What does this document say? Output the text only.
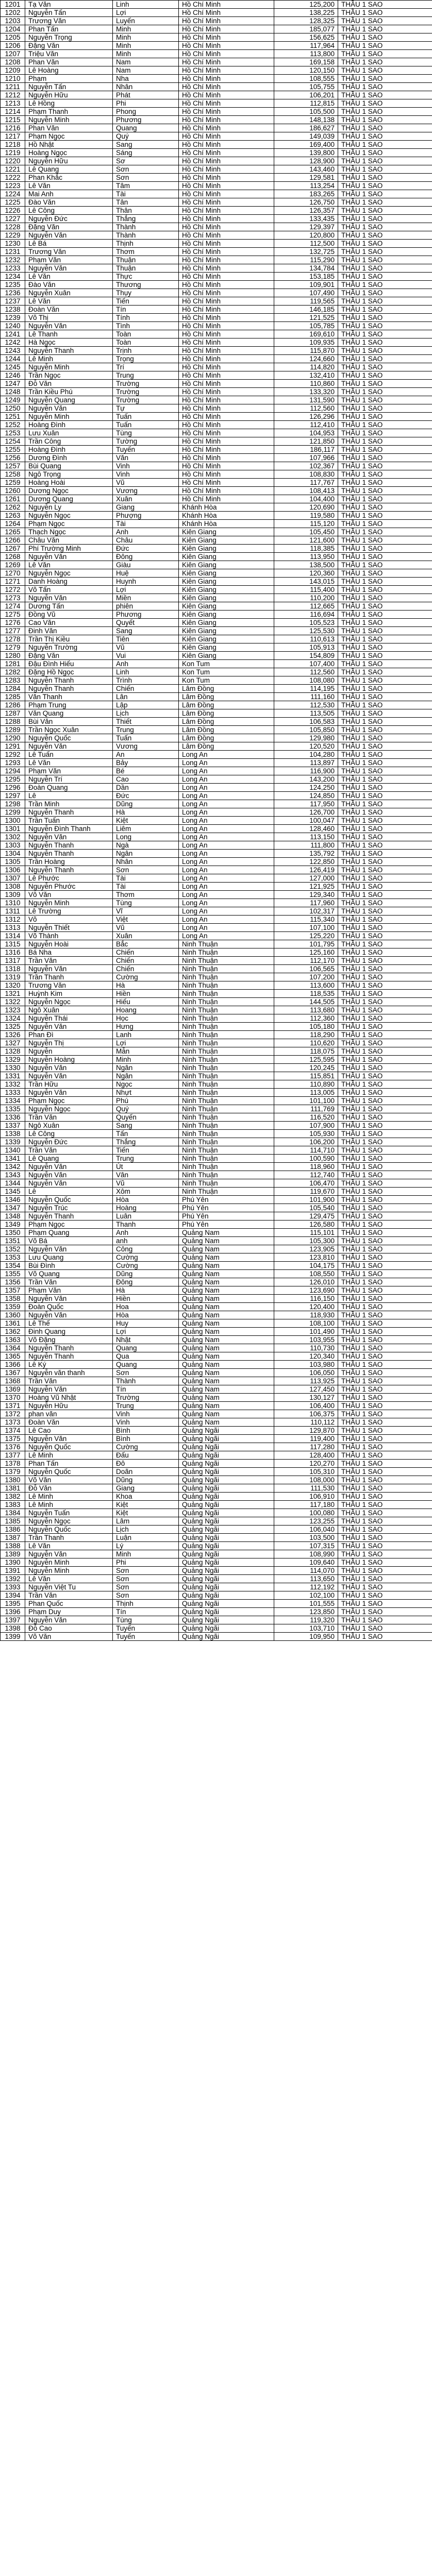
1201	Tạ Văn	Linh	Hồ Chí Minh	125,200	THẦU 1 SAO
1202	Nguyễn Tấn	Lợi	Hồ Chí Minh	138,225	THẦU 1 SAO
1203	Trương Văn	Luyến	Hồ Chí Minh	128,325	THẦU 1 SAO
1204	Phan Tấn	Minh	Hồ Chí Minh	185,077	THẦU 1 SAO
1205	Nguyễn Trọng	Minh	Hồ Chí Minh	156,625	THẦU 1 SAO
1206	Đặng Văn	Minh	Hồ Chí Minh	117,964	THẦU 1 SAO
1207	Triệu Văn	Minh	Hồ Chí Minh	113,800	THẦU 1 SAO
1208	Phan Văn	Nam	Hồ Chí Minh	169,158	THẦU 1 SAO
1209	Lê Hoàng	Nam	Hồ Chí Minh	120,150	THẦU 1 SAO
1210	Phạm	Nha	Hồ Chí Minh	108,555	THẦU 1 SAO
1211	Nguyễn Tấn	Nhân	Hồ Chí Minh	105,755	THẦU 1 SAO
1212	Nguyễn Hữu	Phát	Hồ Chí Minh	106,201	THẦU 1 SAO
1213	Lê Hồng	Phi	Hồ Chí Minh	112,815	THẦU 1 SAO
1214	Phạm Thanh	Phong	Hồ Chí Minh	105,500	THẦU 1 SAO
1215	Nguyễn Minh	Phương	Hồ Chí Minh	148,138	THẦU 1 SAO
1216	Phan Văn	Quang	Hồ Chí Minh	186,627	THẦU 1 SAO
1217	Phạm Ngọc	Quý	Hồ Chí Minh	149,039	THẦU 1 SAO
1218	Hồ Nhật	Sang	Hồ Chí Minh	169,400	THẦU 1 SAO
1219	Hoàng Ngọc	Sáng	Hồ Chí Minh	139,800	THẦU 1 SAO
1220	Nguyễn Hữu	Sơ	Hồ Chí Minh	128,900	THẦU 1 SAO
1221	Lê Quang	Sơn	Hồ Chí Minh	143,460	THẦU 1 SAO
1222	Phan Khắc	Sơn	Hồ Chí Minh	129,581	THẦU 1 SAO
1223	Lê Văn	Tâm	Hồ Chí Minh	113,254	THẦU 1 SAO
1224	Mai Anh	Tài	Hồ Chí Minh	183,265	THẦU 1 SAO
1225	Đào Văn	Tân	Hồ Chí Minh	126,750	THẦU 1 SAO
1226	Lê Công	Thân	Hồ Chí Minh	126,357	THẦU 1 SAO
1227	Nguyễn Đức	Thắng	Hồ Chí Minh	133,435	THẦU 1 SAO
1228	Đặng Văn	Thành	Hồ Chí Minh	129,397	THẦU 1 SAO
1229	Nguyễn Văn	Thành	Hồ Chí Minh	120,800	THẦU 1 SAO
1230	Lê Bá	Thịnh	Hồ Chí Minh	112,500	THẦU 1 SAO
1231	Trương Văn	Thơm	Hồ Chí Minh	132,725	THẦU 1 SAO
1232	Phạm Văn	Thuận	Hồ Chí Minh	115,290	THẦU 1 SAO
1233	Nguyễn Văn	Thuận	Hồ Chí Minh	134,784	THẦU 1 SAO
1234	Lê Văn	Thực	Hồ Chí Minh	153,185	THẦU 1 SAO
1235	Đào Văn	Thương	Hồ Chí Minh	109,901	THẦU 1 SAO
1236	Nguyễn Xuân	Thụy	Hồ Chí Minh	107,490	THẦU 1 SAO
1237	Lê Văn	Tiến	Hồ Chí Minh	119,565	THẦU 1 SAO
1238	Đoàn Văn	Tín	Hồ Chí Minh	146,185	THẦU 1 SAO
1239	Võ Thị	Tính	Hồ Chí Minh	121,525	THẦU 1 SAO
1240	Nguyễn Văn	Tình	Hồ Chí Minh	105,785	THẦU 1 SAO
1241	Lê Thanh	Toàn	Hồ Chí Minh	169,610	THẦU 1 SAO
1242	Hà Ngọc	Toàn	Hồ Chí Minh	109,935	THẦU 1 SAO
1243	Nguyễn Thanh	Trịnh	Hồ Chí Minh	115,870	THẦU 1 SAO
1244	Lê Minh	Trọng	Hồ Chí Minh	124,660	THẦU 1 SAO
1245	Nguyễn Minh	Trí	Hồ Chí Minh	114,820	THẦU 1 SAO
1246	Trần Ngọc	Trung	Hồ Chí Minh	132,410	THẦU 1 SAO
1247	Đỗ Văn	Trường	Hồ Chí Minh	110,860	THẦU 1 SAO
1248	Trần Kiều Phú	Trường	Hồ Chí Minh	133,320	THẦU 1 SAO
1249	Nguyễn Quang	Trường	Hồ Chí Minh	131,590	THẦU 1 SAO
1250	Nguyễn Văn	Tự	Hồ Chí Minh	112,560	THẦU 1 SAO
1251	Nguyễn Minh	Tuấn	Hồ Chí Minh	126,296	THẦU 1 SAO
1252	Hoàng Đình	Tuấn	Hồ Chí Minh	112,410	THẦU 1 SAO
1253	Lưu Xuân	Tùng	Hồ Chí Minh	104,953	THẦU 1 SAO
1254	Trần Công	Tường	Hồ Chí Minh	121,850	THẦU 1 SAO
1255	Hoàng Đình	Tuyến	Hồ Chí Minh	186,117	THẦU 1 SAO
1256	Dương Đình	Văn	Hồ Chí Minh	107,966	THẦU 1 SAO
1257	Bùi Quang	Vinh	Hồ Chí Minh	102,367	THẦU 1 SAO
1258	Ngô Trọng	Vinh	Hồ Chí Minh	108,830	THẦU 1 SAO
1259	Hoàng Hoài	Vũ	Hồ Chí Minh	117,767	THẦU 1 SAO
1260	Dương Ngọc	Vương	Hồ Chí Minh	108,413	THẦU 1 SAO
1261	Dương Quang	Xuân	Hồ Chí Minh	104,400	THẦU 1 SAO
1262	Nguyễn Ly	Giang	Khánh Hòa	120,690	THẦU 1 SAO
1263	Nguyễn Ngọc	Phượng	Khánh Hòa	119,580	THẦU 1 SAO
1264	Phạm Ngọc	Tài	Khánh Hòa	115,120	THẦU 1 SAO
1265	Thạch Ngọc	Anh	Kiên Giang	105,450	THẦU 1 SAO
1266	Châu Văn	Châu	Kiên Giang	121,600	THẦU 1 SAO
1267	Phí Trường Minh	Đức	Kiên Giang	118,385	THẦU 1 SAO
1268	Nguyễn Văn	Đông	Kiên Giang	113,950	THẦU 1 SAO
1269	Lê Văn	Giàu	Kiên Giang	138,500	THẦU 1 SAO
1270	Nguyễn Ngọc	Huệ	Kiên Giang	120,360	THẦU 1 SAO
1271	Danh Hoàng	Huynh	Kiên Giang	143,015	THẦU 1 SAO
1272	Võ Tấn	Lợi	Kiên Giang	115,400	THẦU 1 SAO
1273	Nguyễn Văn	Miền	Kiên Giang	110,200	THẦU 1 SAO
1274	Dương Tấn	phiên	Kiên Giang	112,665	THẦU 1 SAO
1275	Đồng Vũ	Phương	Kiên Giang	116,694	THẦU 1 SAO
1276	Cao Văn	Quyết	Kiên Giang	105,523	THẦU 1 SAO
1277	Đinh Văn	Sang	Kiên Giang	125,530	THẦU 1 SAO
1278	Trần Thị Kiều	Tiên	Kiên Giang	110,613	THẦU 1 SAO
1279	Nguyễn Trường	Vũ	Kiên Giang	105,913	THẦU 1 SAO
1280	Đặng Văn	Vui	Kiên Giang	154,809	THẦU 1 SAO
1281	Đậu Đình Hiếu	Anh	Kon Tum	107,400	THẦU 1 SAO
1282	Đặng Hồ Ngọc	Linh	Kon Tum	112,560	THẦU 1 SAO
1283	Nguyễn Thanh	Trình	Kon Tum	108,080	THẦU 1 SAO
1284	Nguyễn Thanh	Chiến	Lâm Đồng	114,195	THẦU 1 SAO
1285	Văn Thanh	Lân	Lâm Đồng	111,160	THẦU 1 SAO
1286	Phạm Trung	Lập	Lâm Đồng	112,530	THẦU 1 SAO
1287	Văn Quang	Lịch	Lâm Đồng	113,505	THẦU 1 SAO
1288	Bùi Văn	Thiết	Lâm Đồng	106,583	THẦU 1 SAO
1289	Trần Ngọc Xuân	Trung	Lâm Đồng	105,850	THẦU 1 SAO
1290	Nguyễn Quốc	Tuấn	Lâm Đồng	129,980	THẦU 1 SAO
1291	Nguyễn Văn	Vương	Lâm Đồng	120,520	THẦU 1 SAO
1292	Lê Tuấn	An	Long An	104,280	THẦU 1 SAO
1293	Lê Văn	Bảy	Long An	113,897	THẦU 1 SAO
1294	Phạm Văn	Bé	Long An	116,900	THẦU 1 SAO
1295	Nguyễn Trí	Cao	Long An	143,200	THẦU 1 SAO
1296	Đoàn Quang	Dần	Long An	124,250	THẦU 1 SAO
1297	Lê	Đức	Long An	124,850	THẦU 1 SAO
1298	Trần Minh	Dũng	Long An	117,950	THẦU 1 SAO
1299	Nguyễn Thanh	Hà	Long An	126,700	THẦU 1 SAO
1300	Trần Tuấn	Kiệt	Long An	100,047	THẦU 1 SAO
1301	Nguyễn Đình Thanh	Liêm	Long An	128,460	THẦU 1 SAO
1302	Nguyễn Văn	Long	Long An	113,150	THẦU 1 SAO
1303	Nguyễn Thanh	Ngà	Long An	111,800	THẦU 1 SAO
1304	Nguyễn Thanh	Ngân	Long An	135,792	THẦU 1 SAO
1305	Trần Hoàng	Nhân	Long An	122,850	THẦU 1 SAO
1306	Nguyễn Thanh	Sơn	Long An	126,419	THẦU 1 SAO
1307	Lê Phước	Tài	Long An	127,000	THẦU 1 SAO
1308	Nguyễn Phước	Tài	Long An	121,925	THẦU 1 SAO
1309	Võ Văn	Thơm	Long An	129,340	THẦU 1 SAO
1310	Nguyễn Minh	Tùng	Long An	117,960	THẦU 1 SAO
1311	Lê Trường	Vĩ	Long An	102,317	THẦU 1 SAO
1312	Võ	Việt	Long An	115,340	THẦU 1 SAO
1313	Nguyễn Thiết	Vũ	Long An	107,100	THẦU 1 SAO
1314	Võ Thành	Xuân	Long An	125,220	THẦU 1 SAO
1315	Nguyễn Hoài	Bắc	Ninh Thuận	101,795	THẦU 1 SAO
1316	Bá Nha	Chiến	Ninh Thuận	125,160	THẦU 1 SAO
1317	Trần Văn	Chiến	Ninh Thuận	112,170	THẦU 1 SAO
1318	Nguyễn Văn	Chiến	Ninh Thuận	106,565	THẦU 1 SAO
1319	Trần Thanh	Cường	Ninh Thuận	107,200	THẦU 1 SAO
1320	Trương Văn	Hà	Ninh Thuận	113,600	THẦU 1 SAO
1321	Huỳnh Kim	Hiền	Ninh Thuận	118,535	THẦU 1 SAO
1322	Nguyễn Ngọc	Hiếu	Ninh Thuận	144,505	THẦU 1 SAO
1323	Ngô Xuân	Hoang	Ninh Thuận	113,680	THẦU 1 SAO
1324	Nguyễn Thái	Học	Ninh Thuận	112,360	THẦU 1 SAO
1325	Nguyễn Văn	Hưng	Ninh Thuận	105,180	THẦU 1 SAO
1326	Phan Đì	Lanh	Ninh Thuận	118,290	THẦU 1 SAO
1327	Nguyễn Thị	Lợi	Ninh Thuận	110,620	THẦU 1 SAO
1328	Nguyễn	Mẫn	Ninh Thuận	118,075	THẦU 1 SAO
1329	Nguyễn Hoàng	Minh	Ninh Thuận	125,595	THẦU 1 SAO
1330	Nguyễn Văn	Ngân	Ninh Thuận	120,245	THẦU 1 SAO
1331	Nguyễn Văn	Ngân	Ninh Thuận	115,851	THẦU 1 SAO
1332	Trần Hữu	Ngọc	Ninh Thuận	110,890	THẦU 1 SAO
1333	Nguyễn Văn	Nhựt	Ninh Thuận	113,005	THẦU 1 SAO
1334	Phạm Ngọc	Phú	Ninh Thuận	101,100	THẦU 1 SAO
1335	Nguyễn Ngọc	Quý	Ninh Thuận	111,769	THẦU 1 SAO
1336	Trần Văn	Quyến	Ninh Thuận	116,520	THẦU 1 SAO
1337	Ngô Xuân	Sang	Ninh Thuận	107,900	THẦU 1 SAO
1338	Lê Công	Tấn	Ninh Thuận	105,930	THẦU 1 SAO
1339	Nguyễn Đức	Thắng	Ninh Thuận	106,200	THẦU 1 SAO
1340	Trần Văn	Tiến	Ninh Thuận	114,710	THẦU 1 SAO
1341	Lê Quang	Trung	Ninh Thuận	100,590	THẦU 1 SAO
1342	Nguyễn Văn	Út	Ninh Thuận	118,960	THẦU 1 SAO
1343	Nguyễn Văn	Vân	Ninh Thuận	112,740	THẦU 1 SAO
1344	Nguyễn Văn	Vũ	Ninh Thuận	106,470	THẦU 1 SAO
1345	Lê	Xôm	Ninh Thuận	119,670	THẦU 1 SAO
1346	Nguyễn Quốc	Hòa	Phú Yên	101,900	THẦU 1 SAO
1347	Nguyễn Trúc	Hoàng	Phú Yên	105,540	THẦU 1 SAO
1348	Nguyễn Thanh	Luân	Phú Yên	129,475	THẦU 1 SAO
1349	Phạm Ngọc	Thanh	Phú Yên	126,580	THẦU 1 SAO
1350	Phạm Quang	Anh	Quảng Nam	115,101	THẦU 1 SAO
1351	Võ Bá	anh	Quảng Nam	105,300	THẦU 1 SAO
1352	Nguyễn Văn	Công	Quảng Nam	123,905	THẦU 1 SAO
1353	Lưu Quang	Cường	Quảng Nam	123,810	THẦU 1 SAO
1354	Bùi Đình	Cường	Quảng Nam	104,175	THẦU 1 SAO
1355	Võ Quang	Dũng	Quảng Nam	108,550	THẦU 1 SAO
1356	Trần Văn	Đông	Quảng Nam	126,010	THẦU 1 SAO
1357	Phạm Văn	Hà	Quảng Nam	123,690	THẦU 1 SAO
1358	Nguyễn Văn	Hiền	Quảng Nam	116,150	THẦU 1 SAO
1359	Đoàn Quốc	Hoa	Quảng Nam	120,400	THẦU 1 SAO
1360	Nguyễn Văn	Hòa	Quảng Nam	118,930	THẦU 1 SAO
1361	Lê Thế	Huy	Quảng Nam	108,100	THẦU 1 SAO
1362	Đinh Quang	Lợi	Quảng Nam	101,490	THẦU 1 SAO
1363	Võ Đặng	Nhật	Quảng Nam	103,955	THẦU 1 SAO
1364	Nguyễn Thanh	Quang	Quảng Nam	110,730	THẦU 1 SAO
1365	Nguyễn Thanh	Qua	Quảng Nam	120,340	THẦU 1 SAO
1366	Lê Ký	Quang	Quảng Nam	103,980	THẦU 1 SAO
1367	Nguyễn văn thanh	Sơn	Quảng Nam	106,050	THẦU 1 SAO
1368	Trần Văn	Thành	Quảng Nam	113,925	THẦU 1 SAO
1369	Nguyễn Văn	Tín	Quảng Nam	127,450	THẦU 1 SAO
1370	Hoàng Vũ Nhật	Trường	Quảng Nam	130,127	THẦU 1 SAO
1371	Nguyễn Hữu	Trung	Quảng Nam	106,400	THẦU 1 SAO
1372	phan văn	Vinh	Quảng Nam	106,375	THẦU 1 SAO
1373	Đoàn Văn	Vinh	Quảng Nam	110,112	THẦU 1 SAO
1374	Lê Cao	Bình	Quảng Ngãi	129,870	THẦU 1 SAO
1375	Nguyễn Văn	Bình	Quảng Ngãi	119,400	THẦU 1 SAO
1376	Nguyễn Quốc	Cường	Quảng Ngãi	117,280	THẦU 1 SAO
1377	Lê Minh	Đấu	Quảng Ngãi	128,400	THẦU 1 SAO
1378	Phan Tấn	Đô	Quảng Ngãi	120,270	THẦU 1 SAO
1379	Nguyễn Quốc	Doãn	Quảng Ngãi	105,310	THẦU 1 SAO
1380	Võ Văn	Dũng	Quảng Ngãi	108,000	THẦU 1 SAO
1381	Đỗ Văn	Giang	Quảng Ngãi	111,530	THẦU 1 SAO
1382	Lê Minh	Khoa	Quảng Ngãi	106,910	THẦU 1 SAO
1383	Lê Minh	Kiệt	Quảng Ngãi	117,180	THẦU 1 SAO
1384	Nguyễn Tuấn	Kiệt	Quảng Ngãi	100,080	THẦU 1 SAO
1385	Nguyễn Ngọc	Lâm	Quảng Ngãi	123,255	THẦU 1 SAO
1386	Nguyễn Quốc	Lịch	Quảng Ngãi	106,040	THẦU 1 SAO
1387	Trần Thanh	Luận	Quảng Ngãi	103,500	THẦU 1 SAO
1388	Lê Văn	Lý	Quảng Ngãi	107,315	THẦU 1 SAO
1389	Nguyễn Văn	Minh	Quảng Ngãi	108,990	THẦU 1 SAO
1390	Nguyễn Minh	Phi	Quảng Ngãi	109,640	THẦU 1 SAO
1391	Nguyễn Minh	Sơn	Quảng Ngãi	114,070	THẦU 1 SAO
1392	Lê Văn	Sơn	Quảng Ngãi	113,650	THẦU 1 SAO
1393	Nguyễn Việt Tu	Sơn	Quảng Ngãi	112,192	THẦU 1 SAO
1394	Trần Văn	Sơn	Quảng Ngãi	102,100	THẦU 1 SAO
1395	Phan Quốc	Thịnh	Quảng Ngãi	101,555	THẦU 1 SAO
1396	Phạm Duy	Tín	Quảng Ngãi	123,850	THẦU 1 SAO
1397	Nguyễn Văn	Tùng	Quảng Ngãi	119,320	THẦU 1 SAO
1398	Đỗ Cao	Tuyến	Quảng Ngãi	103,710	THẦU 1 SAO
1399	Võ Văn	Tuyến	Quảng Ngãi	109,950	THẦU 1 SAO
